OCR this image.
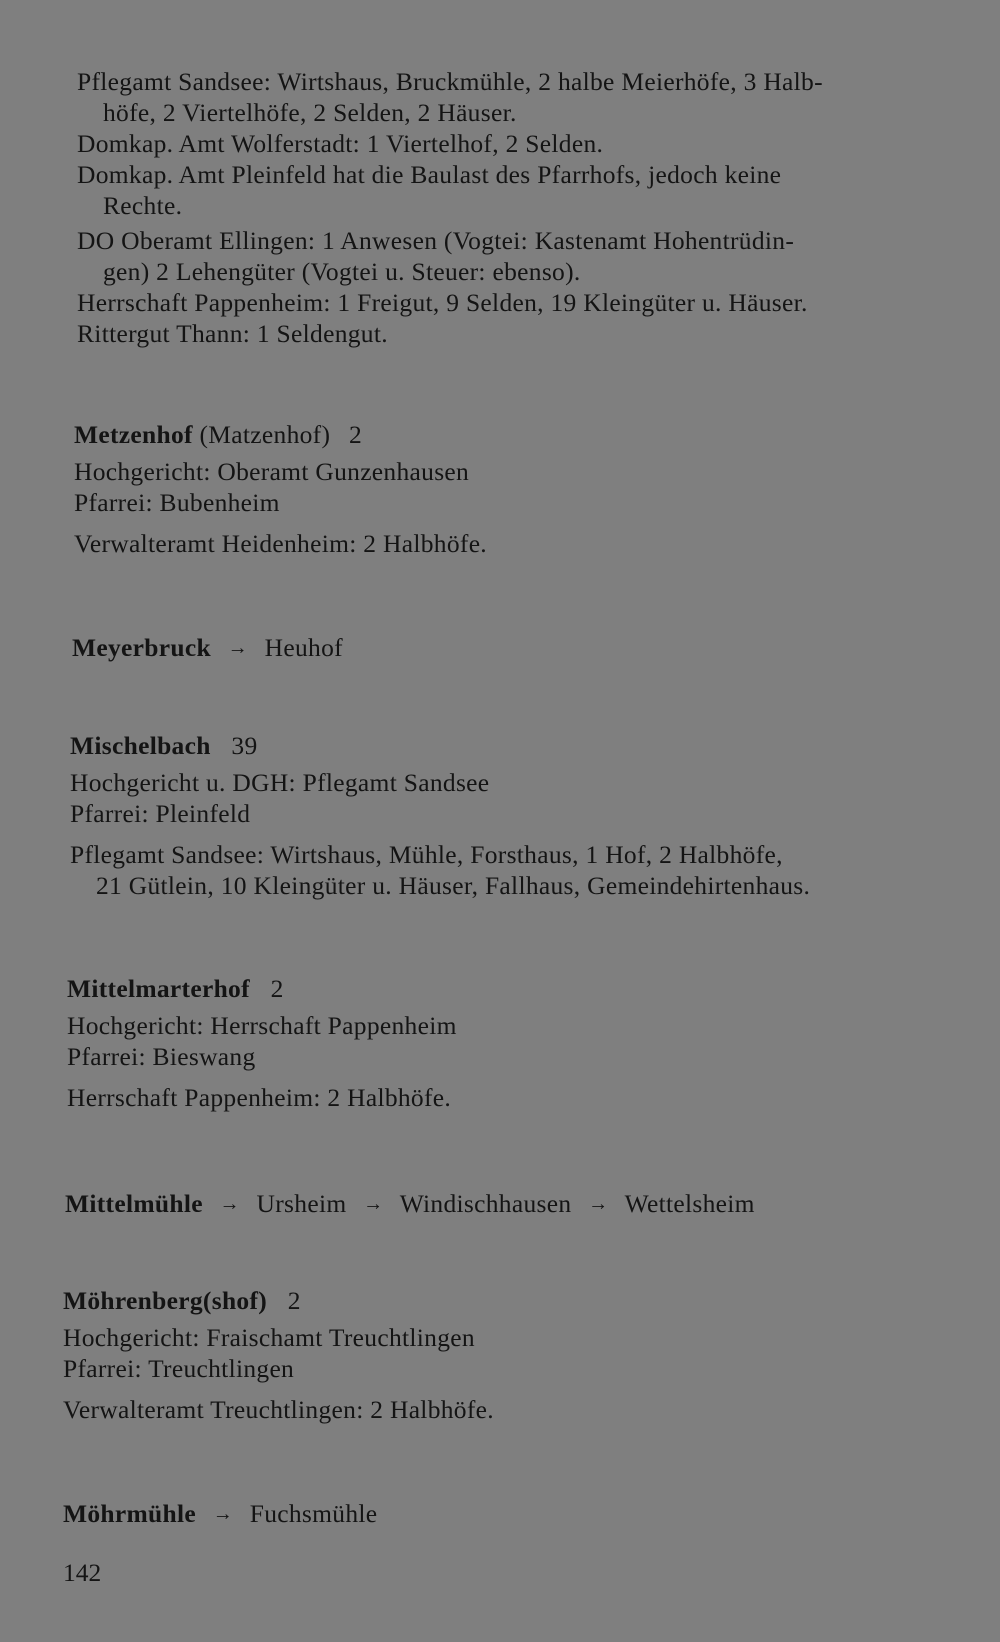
Pflegamt Sandsee: Wirtshaus, Bruckmühle, 2 halbe Meierhöfe, 3 Halb-
höfe, 2 Viertelhöfe, 2 Selden, 2 Häuser.
Domkap. Amt Wolferstadt: 1 Viertelhof, 2 Selden.
Domkap. Amt Pleinfeld hat die Baulast des Pfarrhofs, jedoch keine
Rechte.
DO Oberamt Ellingen: 1 Anwesen (Vogtei: Kastenamt Hohentrüdin-
gen) 2 Lehengüter (Vogtei u. Steuer: ebenso).
Herrschaft Pappenheim: 1 Freigut, 9 Selden, 19 Kleingüter u. Häuser.
Rittergut Thann: 1 Seldengut.
Metzenhof (Matzenhof) 2
Hochgericht: Oberamt Gunzenhausen
Pfarrei: Bubenheim
Verwalteramt Heidenheim: 2 Halbhöfe.
Meyerbruck → Heuhof
Mischelbach 39
Hochgericht u. DGH: Pflegamt Sandsee
Pfarrei: Pleinfeld
Pflegamt Sandsee: Wirtshaus, Mühle, Forsthaus, 1 Hof, 2 Halbhöfe,
21 Gütlein, 10 Kleingüter u. Häuser, Fallhaus, Gemeindehirtenhaus.
Mittelmarterhof 2
Hochgericht: Herrschaft Pappenheim
Pfarrei: Bieswang
Herrschaft Pappenheim: 2 Halbhöfe.
Mittelmühle → Ursheim → Windischhausen → Wettelsheim
Möhrenberg(shof) 2
Hochgericht: Fraischamt Treuchtlingen
Pfarrei: Treuchtlingen
Verwalteramt Treuchtlingen: 2 Halbhöfe.
Möhrmühle → Fuchsmühle
142
